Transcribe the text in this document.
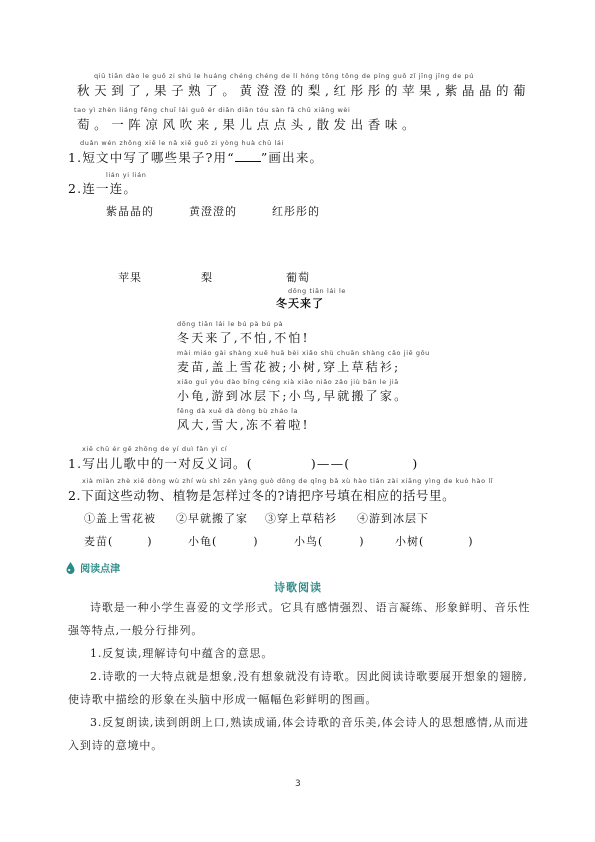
qiū tiān dào le guǒ zi shú le huáng chéng chéng de lí hóng tōng tōng de píng guǒ zǐ jīng jīng de pú
秋天到了,果子熟了。黄澄澄的梨,红彤彤的苹果,紫晶晶的葡
tao yì zhèn liáng fēng chuī lái guǒ ér diǎn diǎn tóu sàn fā chū xiāng wèi
萄。一阵凉风吹来,果儿点点头,散发出香味。
duǎn wén zhōng xiě le nǎ xiē guǒ zi yòng huà chū lái
1.短文中写了哪些果子?用“ ”画出来。
lián yi lián
2.连一连。
紫晶晶的	黄澄澄的	红彤彤的
苹果	梨	葡萄
dōng tiān lái le
冬天来了
dōng tiān lái le bú pà bú pà
冬天来了,不怕,不怕!
mài miáo gài shàng xuě huā bèi xiǎo shù chuān shàng cǎo jiē gǒu
麦苗,盖上雪花被;小树,穿上草秸衫;
xiǎo guī yóu dào bīng céng xià xiǎo niǎo zǎo jiù bān le jiā
小龟,游到冰层下;小鸟,早就搬了家。
fēng dà xuě dà dòng bù zháo la
风大,雪大,冻不着啦!
xiě chū ér gē zhōng de yí duì fǎn yì cí
1.写出儿歌中的一对反义词。(	)——(	)
xià miàn zhè xiē dòng wù zhí wù shì zěn yàng guò dōng de qǐng bǎ xù hào tián zài xiāng yìng de kuò hào lǐ
2.下面这些动物、植物是怎样过冬的?请把序号填在相应的括号里。
①盖上雪花被 ②早就搬了家 ③穿上草秸衫 ④游到冰层下
麦苗(	)	小龟(	)	小鸟(	)	小树(	)
阅读点津
诗歌阅读
诗歌是一种小学生喜爱的文学形式。它具有感情强烈、语言凝练、形象鲜明、音乐性强等特点,一般分行排列。
1.反复读,理解诗句中蕴含的意思。
2.诗歌的一大特点就是想象,没有想象就没有诗歌。因此阅读诗歌要展开想象的翅膀,使诗歌中描绘的形象在头脑中形成一幅幅色彩鲜明的图画。
3.反复朗读,读到朗朗上口,熟读成诵,体会诗歌的音乐美,体会诗人的思想感情,从而进入到诗的意境中。
3
